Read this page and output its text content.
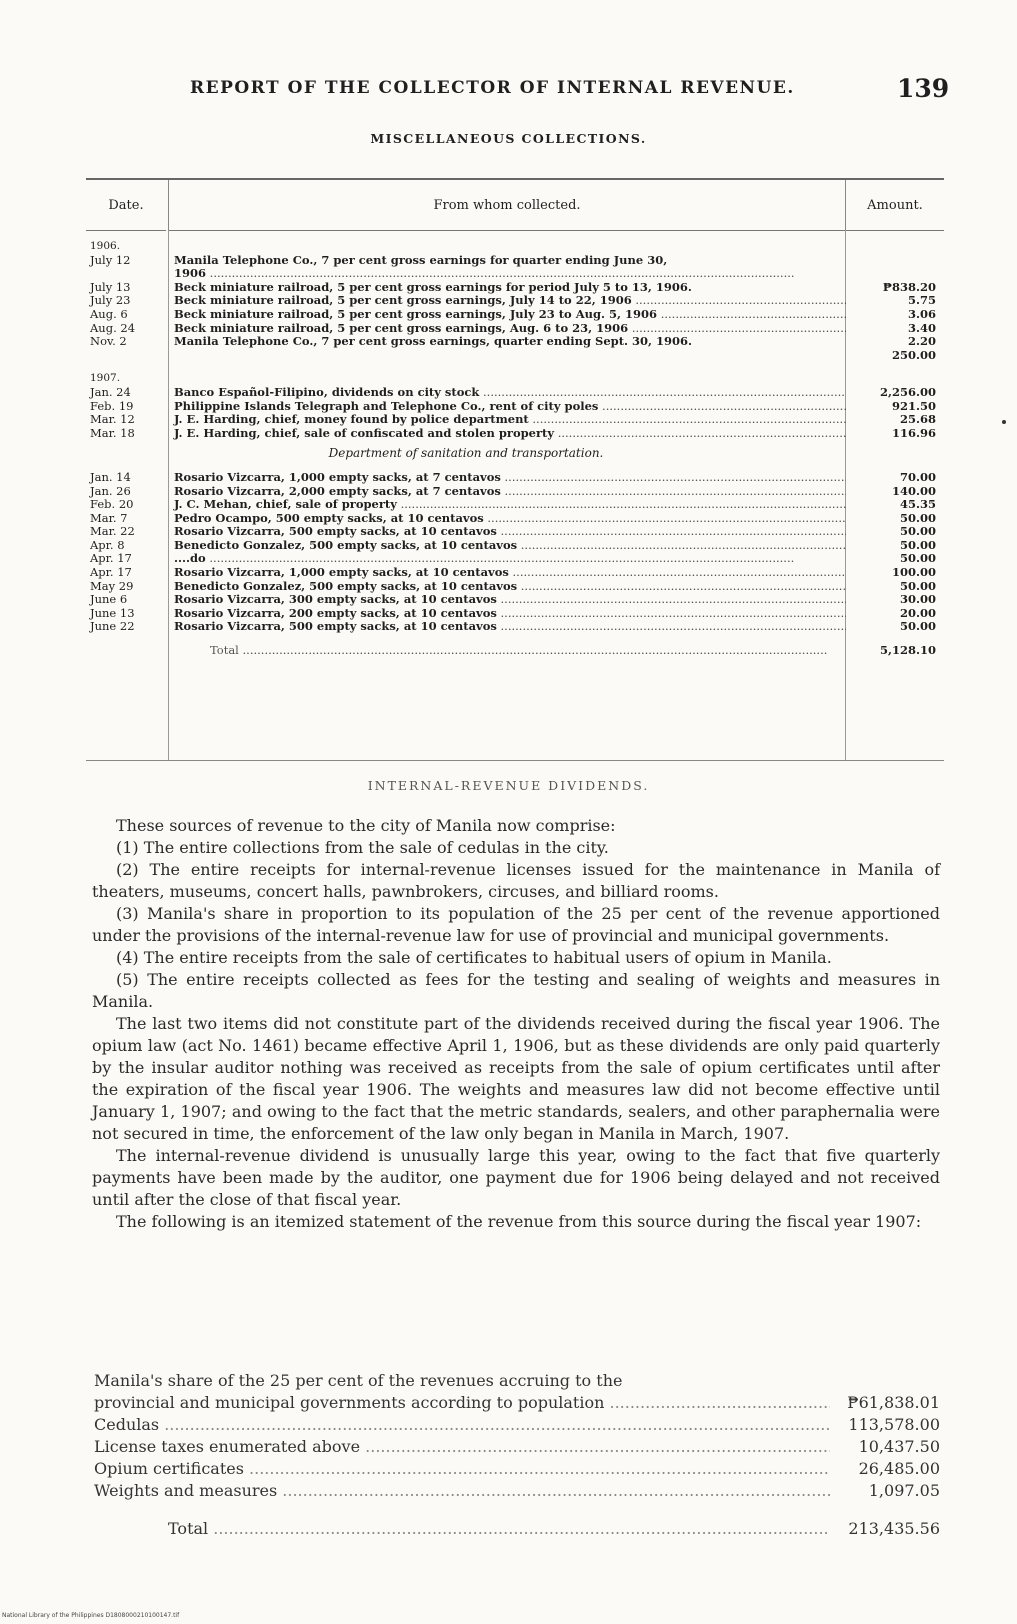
REPORT OF THE COLLECTOR OF INTERNAL REVENUE.	139
MISCELLANEOUS COLLECTIONS.
Date.	From whom collected.	Amount.
1906.
July 12	Manila Telephone Co., 7 per cent gross earnings for quarter ending June 30,
1906 .....
July 13	Beck miniature railroad, 5 per cent gross earnings for period July 5 to 13, 1906.	₱838.20
July 23	Beck miniature railroad, 5 per cent gross earnings, July 14 to 22, 1906 .....	5.75
Aug. 6	Beck miniature railroad, 5 per cent gross earnings, July 23 to Aug. 5, 1906 .....	3.06
Aug. 24	Beck miniature railroad, 5 per cent gross earnings, Aug. 6 to 23, 1906 .....	3.40
Nov. 2	Manila Telephone Co., 7 per cent gross earnings, quarter ending Sept. 30, 1906.	2.20
250.00
1907.
Jan. 24	Banco Español-Filipino, dividends on city stock .....	2,256.00
Feb. 19	Philippine Islands Telegraph and Telephone Co., rent of city poles .....	921.50
Mar. 12	J. E. Harding, chief, money found by police department .....	25.68
Mar. 18	J. E. Harding, chief, sale of confiscated and stolen property .....	116.96
Department of sanitation and transportation.
Jan. 14	Rosario Vizcarra, 1,000 empty sacks, at 7 centavos .....	70.00
Jan. 26	Rosario Vizcarra, 2,000 empty sacks, at 7 centavos .....	140.00
Feb. 20	J. C. Mehan, chief, sale of property .....	45.35
Mar. 7	Pedro Ocampo, 500 empty sacks, at 10 centavos .....	50.00
Mar. 22	Rosario Vizcarra, 500 empty sacks, at 10 centavos .....	50.00
Apr. 8	Benedicto Gonzalez, 500 empty sacks, at 10 centavos .....	50.00
Apr. 17	....do .....	50.00
Apr. 17	Rosario Vizcarra, 1,000 empty sacks, at 10 centavos .....	100.00
May 29	Benedicto Gonzalez, 500 empty sacks, at 10 centavos .....	50.00
June 6	Rosario Vizcarra, 300 empty sacks, at 10 centavos .....	30.00
June 13	Rosario Vizcarra, 200 empty sacks, at 10 centavos .....	20.00
June 22	Rosario Vizcarra, 500 empty sacks, at 10 centavos .....	50.00
Total .....	5,128.10
INTERNAL-REVENUE DIVIDENDS.

These sources of revenue to the city of Manila now comprise:

(1) The entire collections from the sale of cedulas in the city.

(2) The entire receipts for internal-revenue licenses issued for the maintenance in Manila of theaters, museums, concert halls, pawnbrokers, circuses, and billiard rooms.

(3) Manila's share in proportion to its population of the 25 per cent of the revenue apportioned under the provisions of the internal-revenue law for use of provincial and municipal governments.

(4) The entire receipts from the sale of certificates to habitual users of opium in Manila.

(5) The entire receipts collected as fees for the testing and sealing of weights and measures in Manila.

The last two items did not constitute part of the dividends received during the fiscal year 1906. The opium law (act No. 1461) became effective April 1, 1906, but as these dividends are only paid quarterly by the insular auditor nothing was received as receipts from the sale of opium certificates until after the expiration of the fiscal year 1906. The weights and measures law did not become effective until January 1, 1907; and owing to the fact that the metric standards, sealers, and other paraphernalia were not secured in time, the enforcement of the law only began in Manila in March, 1907.

The internal-revenue dividend is unusually large this year, owing to the fact that five quarterly payments have been made by the auditor, one payment due for 1906 being delayed and not received until after the close of that fiscal year.

The following is an itemized statement of the revenue from this source during the fiscal year 1907:

Manila's share of the 25 per cent of the revenues accruing to the
provincial and municipal governments according to population .....	₱61,838.01
Cedulas .....	113,578.00
License taxes enumerated above .....	10,437.50
Opium certificates .....	26,485.00
Weights and measures .....	1,097.05
Total .....	213,435.56
National Library of the Philippines D1808000210100147.tif
